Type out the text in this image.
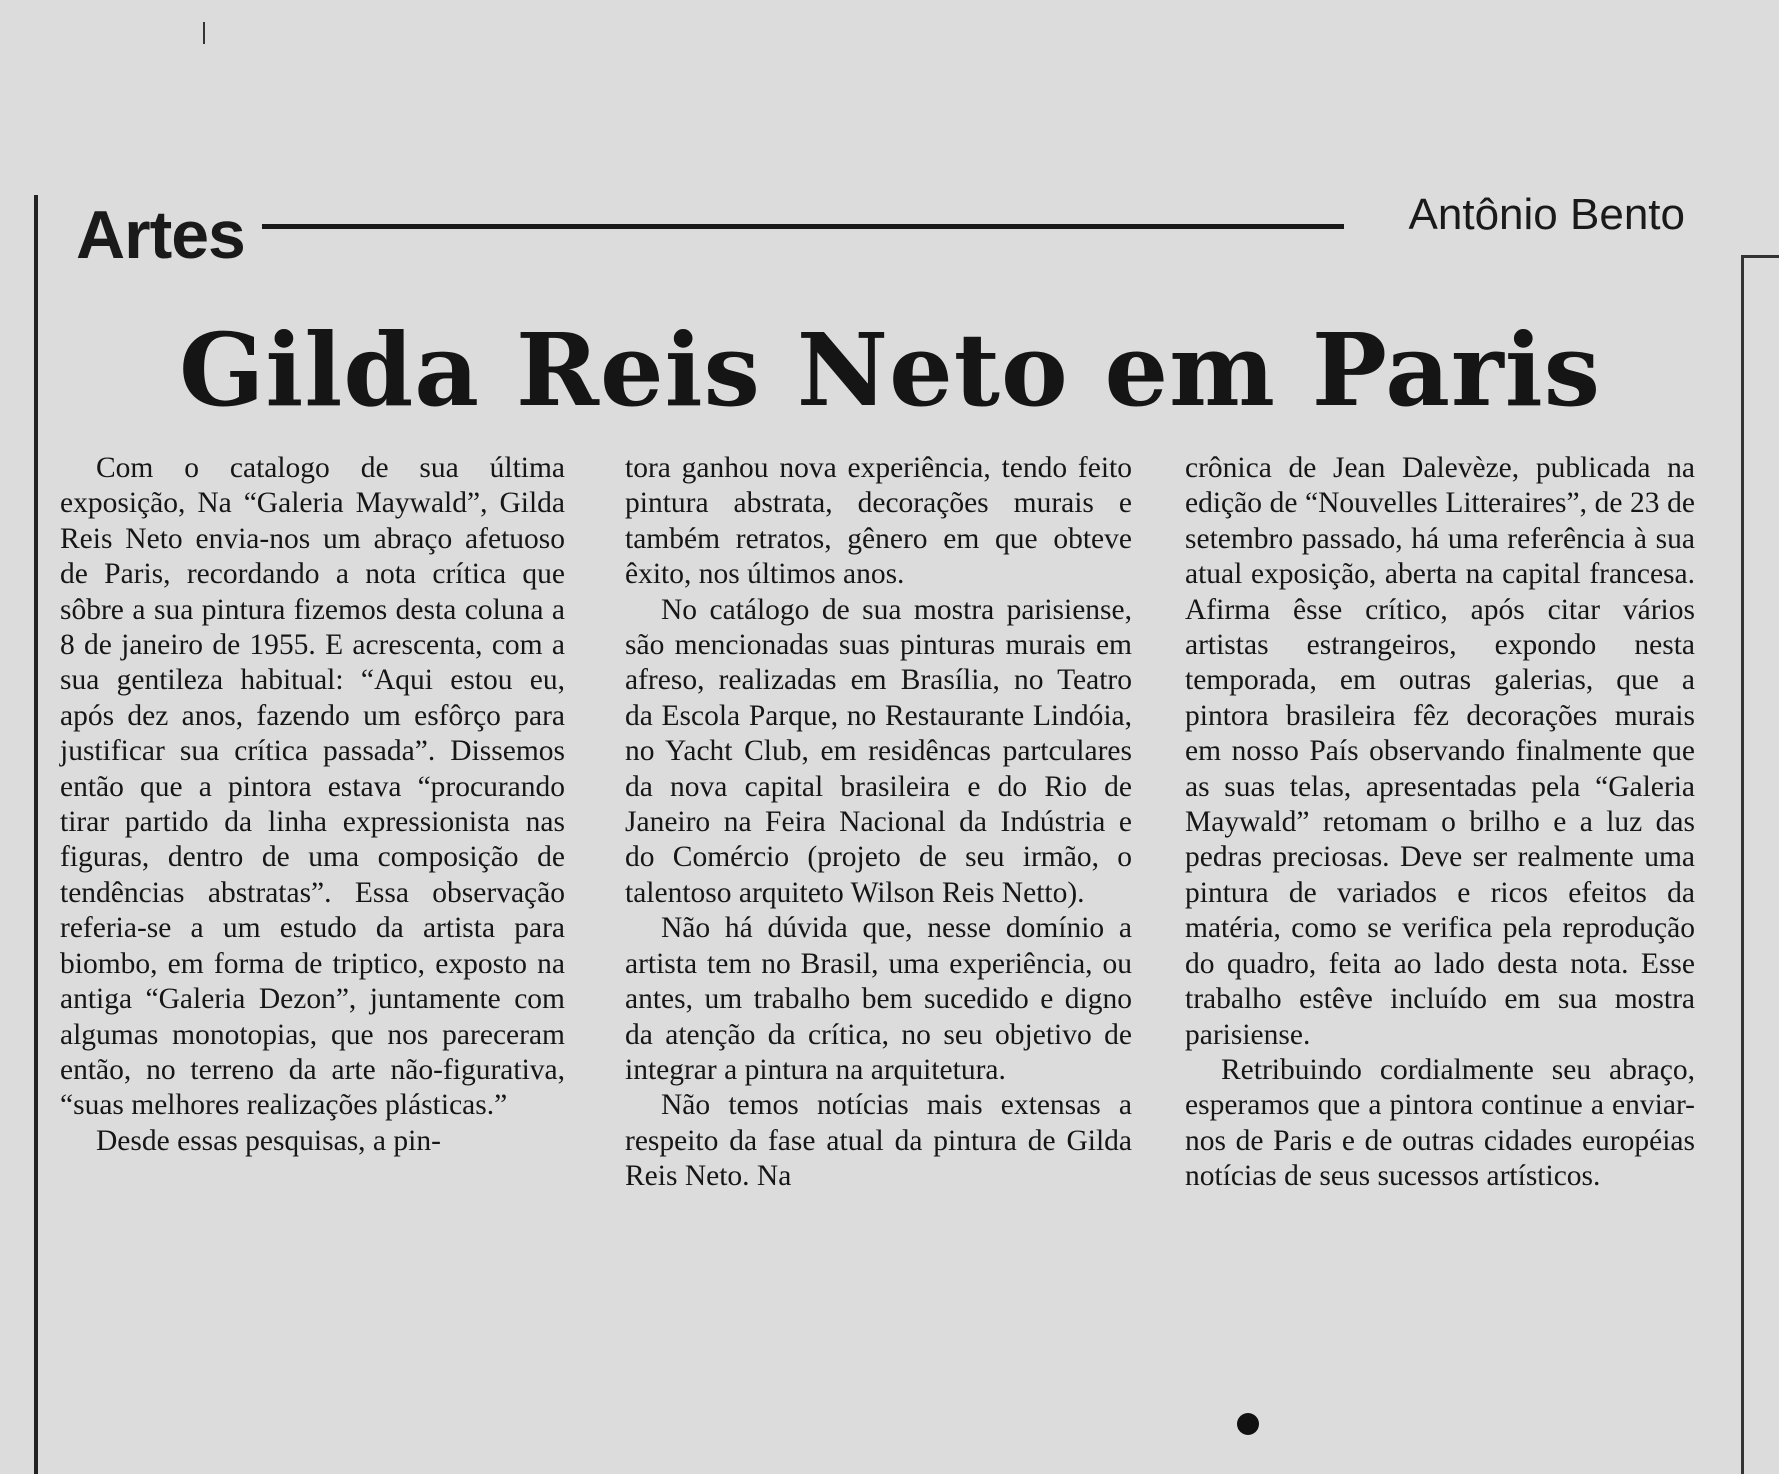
Artes	Antônio Bento
Gilda Reis Neto em Paris

Com o catalogo de sua última exposição, Na “Galeria Maywald”, Gilda Reis Neto envia-nos um abraço afetuoso de Paris, recordando a nota crítica que sôbre a sua pintura fizemos desta coluna a 8 de janeiro de 1955. E acrescenta, com a sua gentileza habitual: “Aqui estou eu, após dez anos, fazendo um esfôrço para justificar sua crítica passada”. Dissemos então que a pintora estava “procurando tirar partido da linha expressionista nas figuras, dentro de uma composição de tendências abstratas”. Essa observação referia-se a um estudo da artista para biombo, em forma de triptico, exposto na antiga “Galeria Dezon”, juntamente com algumas monotopias, que nos pareceram então, no terreno da arte não-figurativa, “suas melhores realizações plásticas.”

Desde essas pesquisas, a pin-

tora ganhou nova experiência, tendo feito pintura abstrata, decorações murais e também retratos, gênero em que obteve êxito, nos últimos anos.

No catálogo de sua mostra parisiense, são mencionadas suas pinturas murais em afreso, realizadas em Brasília, no Teatro da Escola Parque, no Restaurante Lindóia, no Yacht Club, em residêncas partculares da nova capital brasileira e do Rio de Janeiro na Feira Nacional da Indústria e do Comércio (projeto de seu irmão, o talentoso arquiteto Wilson Reis Netto).

Não há dúvida que, nesse domínio a artista tem no Brasil, uma experiência, ou antes, um trabalho bem sucedido e digno da atenção da crítica, no seu objetivo de integrar a pintura na arquitetura.

Não temos notícias mais extensas a respeito da fase atual da pintura de Gilda Reis Neto. Na

crônica de Jean Dalevèze, publicada na edição de “Nouvelles Litteraires”, de 23 de setembro passado, há uma referência à sua atual exposição, aberta na capital francesa. Afirma êsse crítico, após citar vários artistas estrangeiros, expondo nesta temporada, em outras galerias, que a pintora brasileira fêz decorações murais em nosso País observando finalmente que as suas telas, apresentadas pela “Galeria Maywald” retomam o brilho e a luz das pedras preciosas. Deve ser realmente uma pintura de variados e ricos efeitos da matéria, como se verifica pela reprodução do quadro, feita ao lado desta nota. Esse trabalho estêve incluído em sua mostra parisiense.

Retribuindo cordialmente seu abraço, esperamos que a pintora continue a enviar-nos de Paris e de outras cidades européias notícias de seus sucessos artísticos.
